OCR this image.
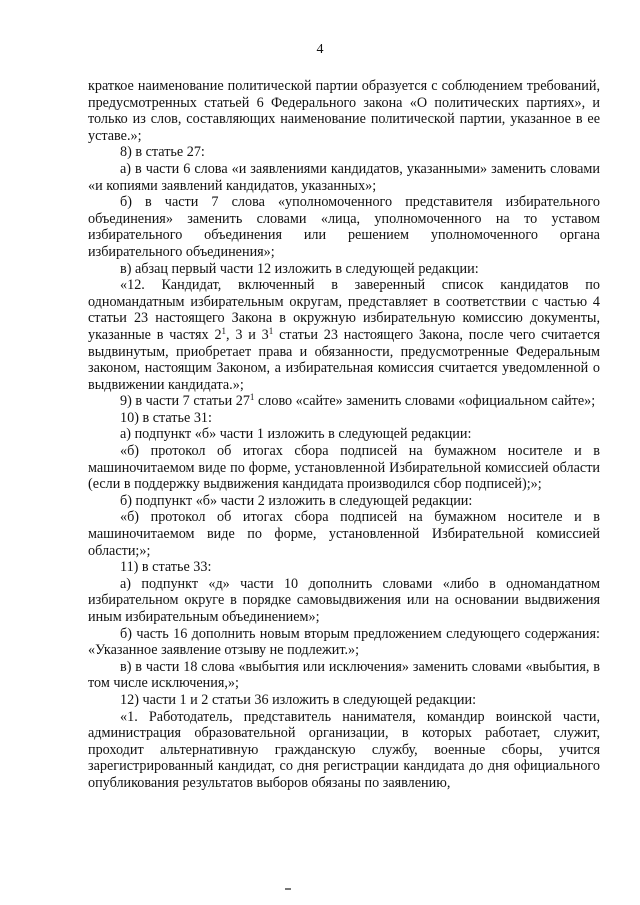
4

краткое наименование политической партии образуется с соблюдением требований, предусмотренных статьей 6 Федерального закона «О политических партиях», и только из слов, составляющих наименование политической партии, указанное в ее уставе.»;

8) в статье 27:

а) в части 6 слова «и заявлениями кандидатов, указанными» заменить словами «и копиями заявлений кандидатов, указанных»;

б) в части 7 слова «уполномоченного представителя избирательного объединения» заменить словами «лица, уполномоченного на то уставом избирательного объединения или решением уполномоченного органа избирательного объединения»;

в) абзац первый части 12 изложить в следующей редакции:

«12. Кандидат, включенный в заверенный список кандидатов по одномандатным избирательным округам, представляет в соответствии с частью 4 статьи 23 настоящего Закона в окружную избирательную комиссию документы, указанные в частях $2^1$, 3 и $3^1$ статьи 23 настоящего Закона, после чего считается выдвинутым, приобретает права и обязанности, предусмотренные Федеральным законом, настоящим Законом, а избирательная комиссия считается уведомленной о выдвижении кандидата.»;

9) в части 7 статьи $27^1$ слово «сайте» заменить словами «официальном сайте»;

10) в статье 31:

а) подпункт «б» части 1 изложить в следующей редакции:

«б) протокол об итогах сбора подписей на бумажном носителе и в машиночитаемом виде по форме, установленной Избирательной комиссией области (если в поддержку выдвижения кандидата производился сбор подписей);»;

б) подпункт «б» части 2 изложить в следующей редакции:

«б) протокол об итогах сбора подписей на бумажном носителе и в машиночитаемом виде по форме, установленной Избирательной комиссией области;»;

11) в статье 33:

а) подпункт «д» части 10 дополнить словами «либо в одномандатном избирательном округе в порядке самовыдвижения или на основании выдвижения иным избирательным объединением»;

б) часть 16 дополнить новым вторым предложением следующего содержания: «Указанное заявление отзыву не подлежит.»;

в) в части 18 слова «выбытия или исключения» заменить словами «выбытия, в том числе исключения,»;

12) части 1 и 2 статьи 36 изложить в следующей редакции:

«1. Работодатель, представитель нанимателя, командир воинской части, администрация образовательной организации, в которых работает, служит, проходит альтернативную гражданскую службу, военные сборы, учится зарегистрированный кандидат, со дня регистрации кандидата до дня официального опубликования результатов выборов обязаны по заявлению,
